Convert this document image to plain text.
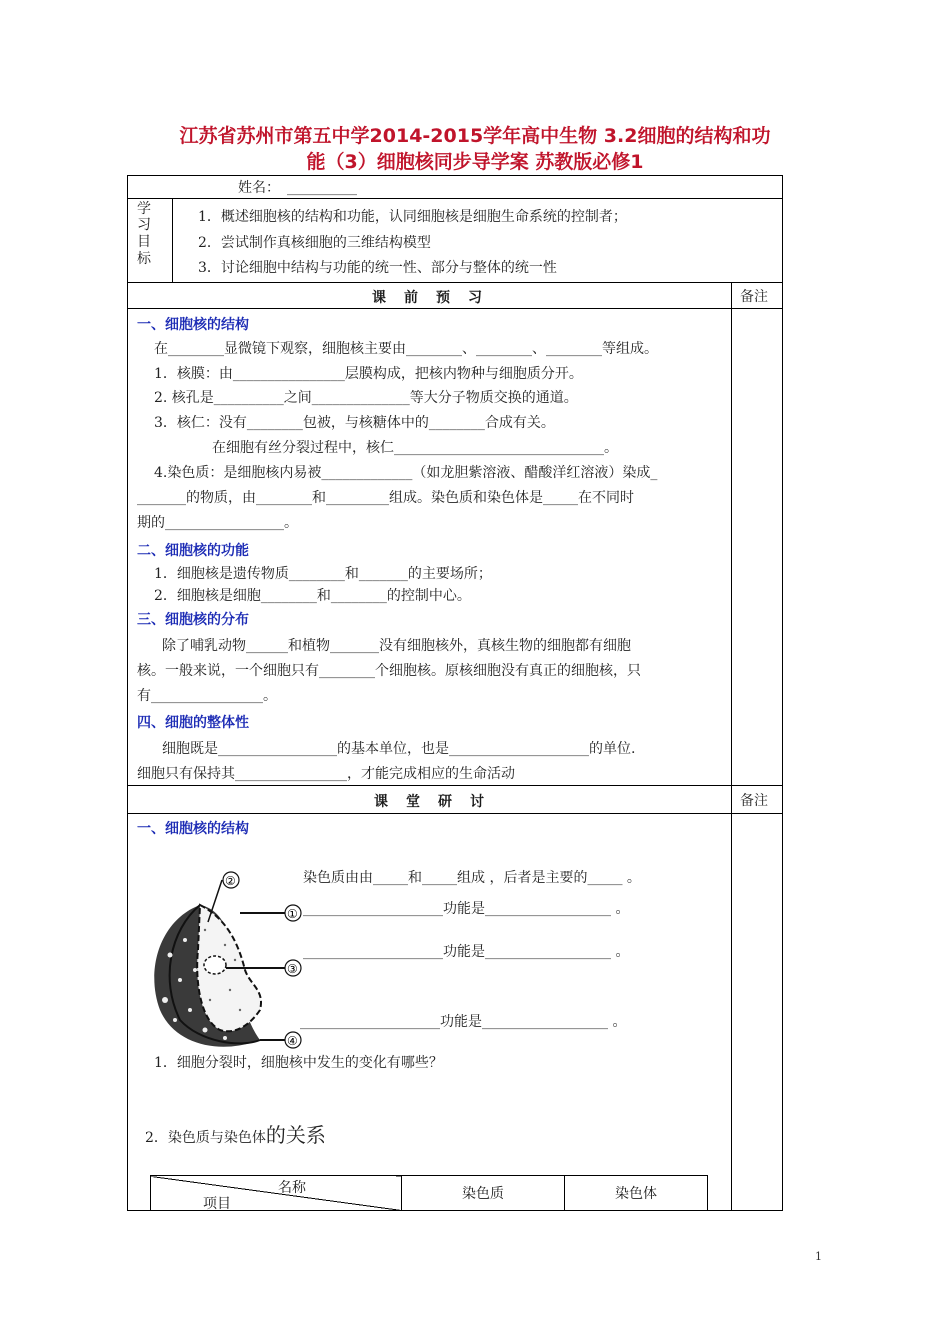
江苏省苏州市第五中学2014-2015学年高中生物 3.2细胞的结构和功
能（3）细胞核同步导学案 苏教版必修1
姓名： __________
学
习
目
标
1．概述细胞核的结构和功能，认同细胞核是细胞生命系统的控制者；
2．尝试制作真核细胞的三维结构模型
3．讨论细胞中结构与功能的统一性、部分与整体的统一性
课　前　预　习	备注
一、细胞核的结构
在________显微镜下观察，细胞核主要由________、________、________等组成。
1．核膜：由________________层膜构成，把核内物种与细胞质分开。
2. 核孔是__________之间______________等大分子物质交换的通道。
3．核仁：没有________包被，与核糖体中的________合成有关。
在细胞有丝分裂过程中，核仁______________________________。
4.染色质：是细胞核内易被_____________（如龙胆紫溶液、醋酸洋红溶液）染成_
_______的物质，由________和_________组成。染色质和染色体是_____在不同时
期的_________________。
二、细胞核的功能
1．细胞核是遗传物质________和_______的主要场所；
2．细胞核是细胞________和________的控制中心。
三、细胞核的分布
除了哺乳动物______和植物_______没有细胞核外，真核生物的细胞都有细胞
核。一般来说，一个细胞只有________个细胞核。原核细胞没有真正的细胞核，只
有________________。
四、细胞的整体性
细胞既是_________________的基本单位，也是____________________的单位.
细胞只有保持其________________，才能完成相应的生命活动
课　堂　研　讨	备注
一、细胞核的结构
②
①
③
④
染色质由由_____和_____组成 ，后者是主要的_____ 。
____________________功能是__________________ 。
____________________功能是__________________ 。
____________________功能是__________________ 。
1．细胞分裂时，细胞核中发生的变化有哪些？
2．染色质与染色体的关系
名称
项目
	染色质	染色体
1
